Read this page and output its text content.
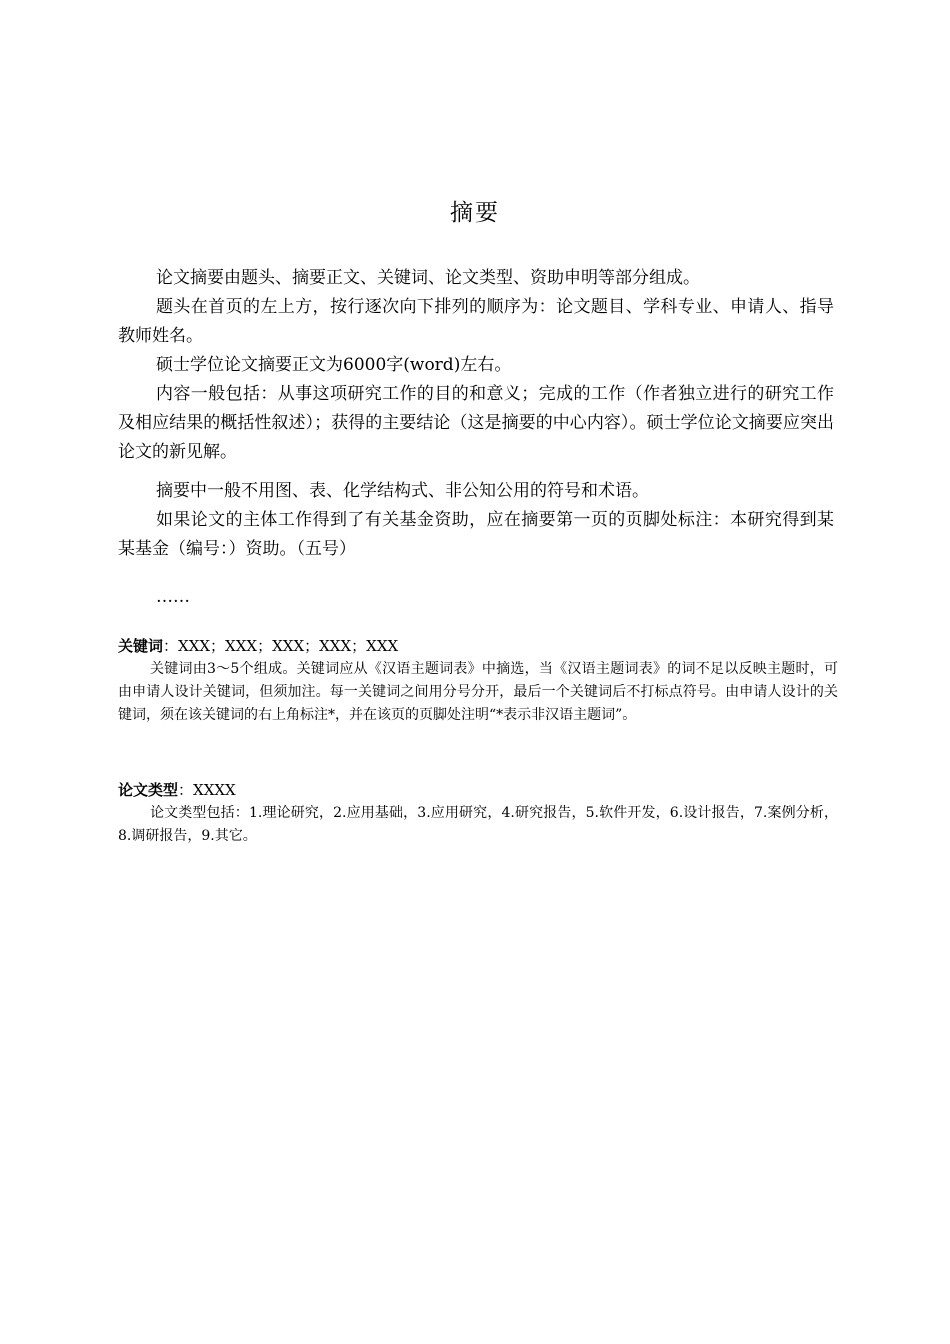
摘要

论文摘要由题头、摘要正文、关键词、论文类型、资助申明等部分组成。

题头在首页的左上方，按行逐次向下排列的顺序为：论文题目、学科专业、申请人、指导教师姓名。

硕士学位论文摘要正文为6000字(word)左右。

内容一般包括：从事这项研究工作的目的和意义；完成的工作（作者独立进行的研究工作及相应结果的概括性叙述）；获得的主要结论（这是摘要的中心内容）。硕士学位论文摘要应突出论文的新见解。

摘要中一般不用图、表、化学结构式、非公知公用的符号和术语。

如果论文的主体工作得到了有关基金资助，应在摘要第一页的页脚处标注：本研究得到某某基金（编号：）资助。（五号）

……

关键词：XXX；XXX；XXX；XXX；XXX

关键词由3～5个组成。关键词应从《汉语主题词表》中摘选，当《汉语主题词表》的词不足以反映主题时，可由申请人设计关键词，但须加注。每一关键词之间用分号分开，最后一个关键词后不打标点符号。由申请人设计的关键词，须在该关键词的右上角标注*，并在该页的页脚处注明“*表示非汉语主题词”。

论文类型：XXXX

论文类型包括：1.理论研究，2.应用基础，3.应用研究，4.研究报告，5.软件开发，6.设计报告，7.案例分析，8.调研报告，9.其它。
